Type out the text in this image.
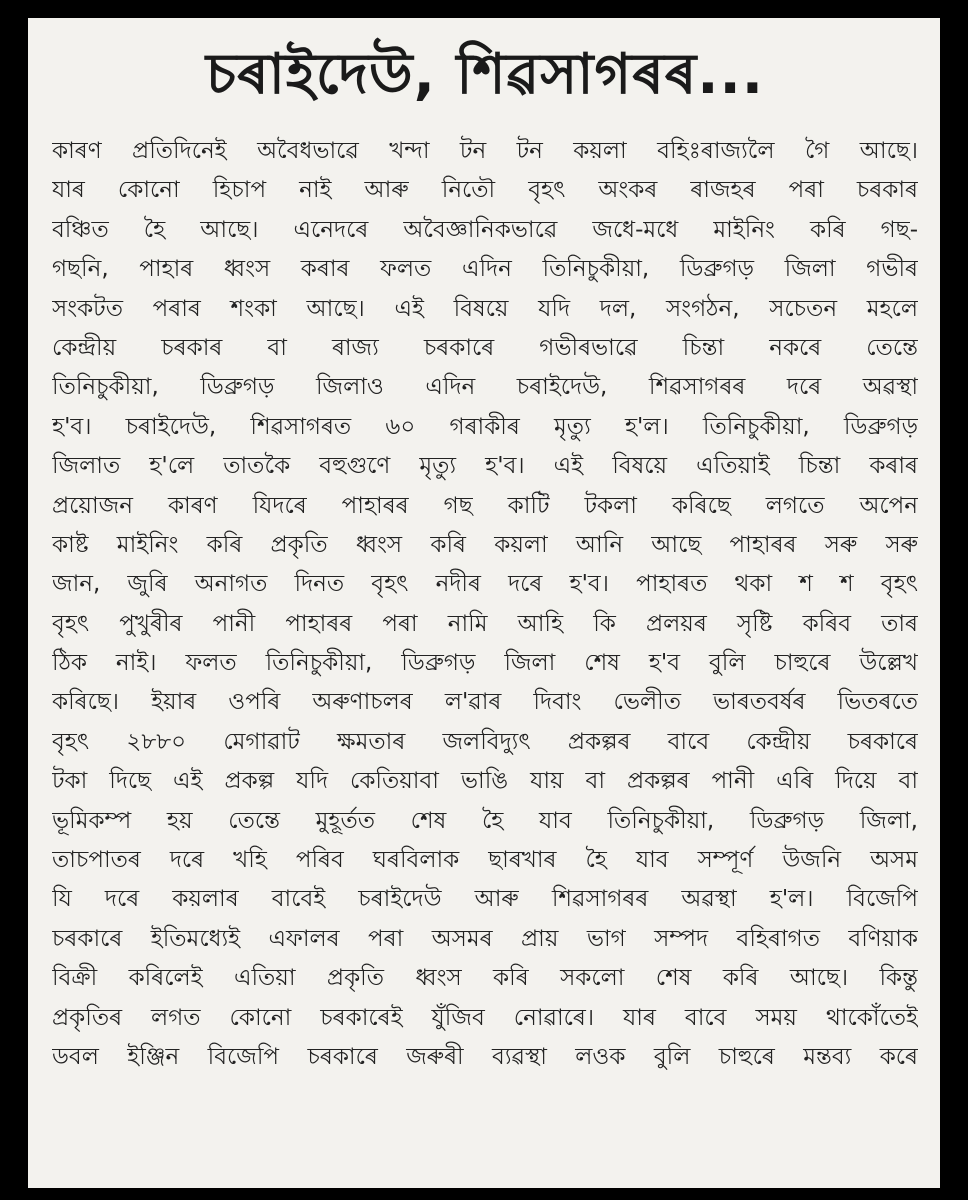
চৰাইদেউ, শিৱসাগৰৰ...
কাৰণ প্ৰতিদিনেই অবৈধভাৱে খন্দা টন টন কয়লা বহিঃৰাজ্যলৈ গৈ আছে।
যাৰ কোনো হিচাপ নাই আৰু নিতৌ বৃহৎ অংকৰ ৰাজহৰ পৰা চৰকাৰ
বঞ্চিত হৈ আছে। এনেদৰে অবৈজ্ঞানিকভাৱে জধে-মধে মাইনিং কৰি গছ-
গছনি, পাহাৰ ধ্বংস কৰাৰ ফলত এদিন তিনিচুকীয়া, ডিব্ৰুগড় জিলা গভীৰ
সংকটত পৰাৰ শংকা আছে। এই বিষয়ে যদি দল, সংগঠন, সচেতন মহলে
কেন্দ্ৰীয় চৰকাৰ বা ৰাজ্য চৰকাৰে গভীৰভাৱে চিন্তা নকৰে তেন্তে
তিনিচুকীয়া, ডিব্ৰুগড় জিলাও এদিন চৰাইদেউ, শিৱসাগৰৰ দৰে অৱস্থা
হ'ব। চৰাইদেউ, শিৱসাগৰত ৬০ গৰাকীৰ মৃত্যু হ'ল। তিনিচুকীয়া, ডিব্ৰুগড়
জিলাত হ'লে তাতকৈ বহুগুণে মৃত্যু হ'ব। এই বিষয়ে এতিয়াই চিন্তা কৰাৰ
প্ৰয়োজন কাৰণ যিদৰে পাহাৰৰ গছ কাটি টকলা কৰিছে লগতে অপেন
কাষ্ট মাইনিং কৰি প্ৰকৃতি ধ্বংস কৰি কয়লা আনি আছে পাহাৰৰ সৰু সৰু
জান, জুৰি অনাগত দিনত বৃহৎ নদীৰ দৰে হ'ব। পাহাৰত থকা শ শ বৃহৎ
বৃহৎ পুখুৰীৰ পানী পাহাৰৰ পৰা নামি আহি কি প্ৰলয়ৰ সৃষ্টি কৰিব তাৰ
ঠিক নাই। ফলত তিনিচুকীয়া, ডিব্ৰুগড় জিলা শেষ হ'ব বুলি চাহুৰে উল্লেখ
কৰিছে। ইয়াৰ ওপৰি অৰুণাচলৰ ল'ৱাৰ দিবাং ভেলীত ভাৰতবৰ্ষৰ ভিতৰতে
বৃহৎ ২৮৮০ মেগাৱাট ক্ষমতাৰ জলবিদ্যুৎ প্ৰকল্পৰ বাবে কেন্দ্ৰীয় চৰকাৰে
টকা দিছে এই প্ৰকল্প যদি কেতিয়াবা ভাঙি যায় বা প্ৰকল্পৰ পানী এৰি দিয়ে বা
ভূমিকম্প হয় তেন্তে মুহূৰ্তত শেষ হৈ যাব তিনিচুকীয়া, ডিব্ৰুগড় জিলা,
তাচপাতৰ দৰে খহি পৰিব ঘৰবিলাক ছাৰখাৰ হৈ যাব সম্পূৰ্ণ উজনি অসম
যি দৰে কয়লাৰ বাবেই চৰাইদেউ আৰু শিৱসাগৰৰ অৱস্থা হ'ল। বিজেপি
চৰকাৰে ইতিমধ্যেই এফালৰ পৰা অসমৰ প্ৰায় ভাগ সম্পদ বহিৰাগত বণিয়াক
বিক্ৰী কৰিলেই এতিয়া প্ৰকৃতি ধ্বংস কৰি সকলো শেষ কৰি আছে। কিন্তু
প্ৰকৃতিৰ লগত কোনো চৰকাৰেই যুঁজিব নোৱাৰে। যাৰ বাবে সময় থাকোঁতেই
ডবল ইঞ্জিন বিজেপি চৰকাৰে জৰুৰী ব্যৱস্থা লওক বুলি চাহুৰে মন্তব্য কৰে
